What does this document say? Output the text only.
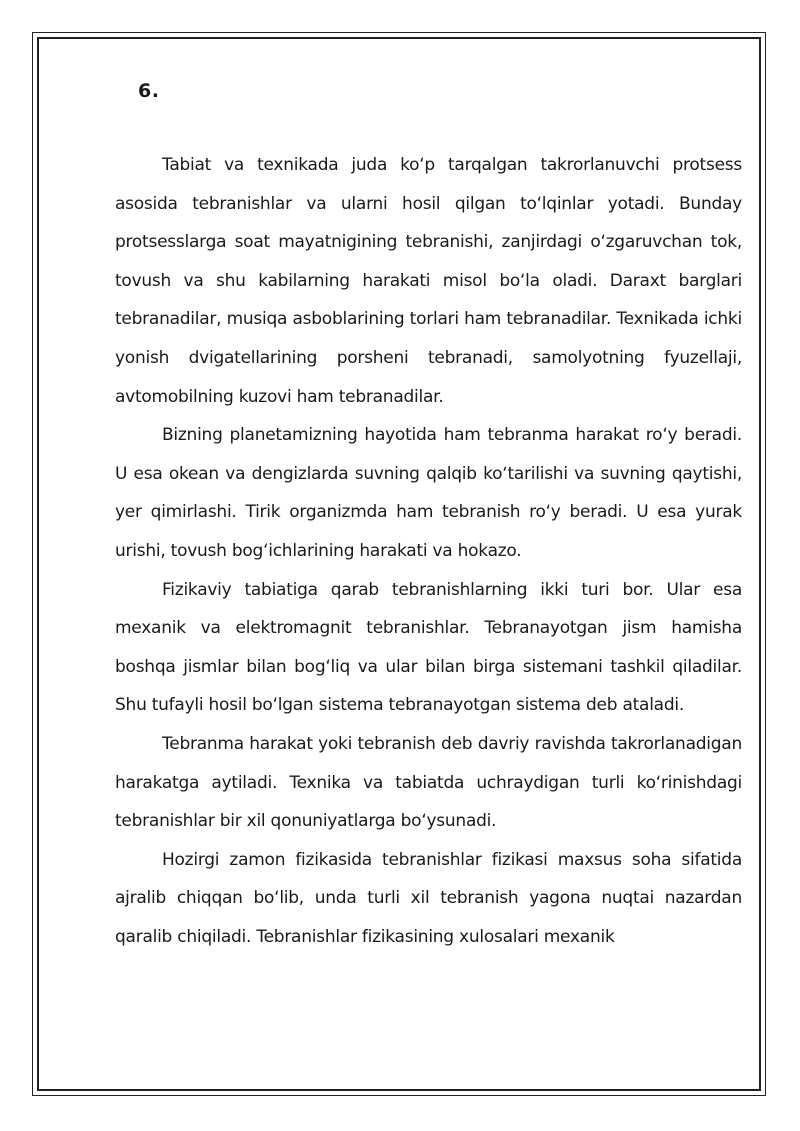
6.

Tabiat va texnikada juda ko‘p tarqalgan takrorlanuvchi protsess asosida tebranishlar va ularni hosil qilgan to‘lqinlar yotadi. Bunday protsesslarga soat mayatnigining tebranishi, zanjirdagi o‘zgaruvchan tok, tovush va shu kabilarning harakati misol bo‘la oladi. Daraxt barglari tebranadilar, musiqa asboblarining torlari ham tebranadilar. Texnikada ichki yonish dvigatellarining porsheni tebranadi, samolyotning fyuzellaji, avtomobilning kuzovi ham tebranadilar.

Bizning planetamizning hayotida ham tebranma harakat ro‘y beradi. U esa okean va dengizlarda suvning qalqib ko‘tarilishi va suvning qaytishi, yer qimirlashi. Tirik organizmda ham tebranish ro‘y beradi. U esa yurak urishi, tovush bog‘ichlarining harakati va hokazo.

Fizikaviy tabiatiga qarab tebranishlarning ikki turi bor. Ular esa mexanik va elektromagnit tebranishlar. Tebranayotgan jism hamisha boshqa jismlar bilan bog‘liq va ular bilan birga sistemani tashkil qiladilar. Shu tufayli hosil bo‘lgan sistema tebranayotgan sistema deb ataladi.

Tebranma harakat yoki tebranish deb davriy ravishda takrorlanadigan harakatga aytiladi. Texnika va tabiatda uchraydigan turli ko‘rinishdagi tebranishlar bir xil qonuniyatlarga bo‘ysunadi.

Hozirgi zamon fizikasida tebranishlar fizikasi maxsus soha sifatida ajralib chiqqan bo‘lib, unda turli xil tebranish yagona nuqtai nazardan qaralib chiqiladi. Tebranishlar fizikasining xulosalari mexanik
